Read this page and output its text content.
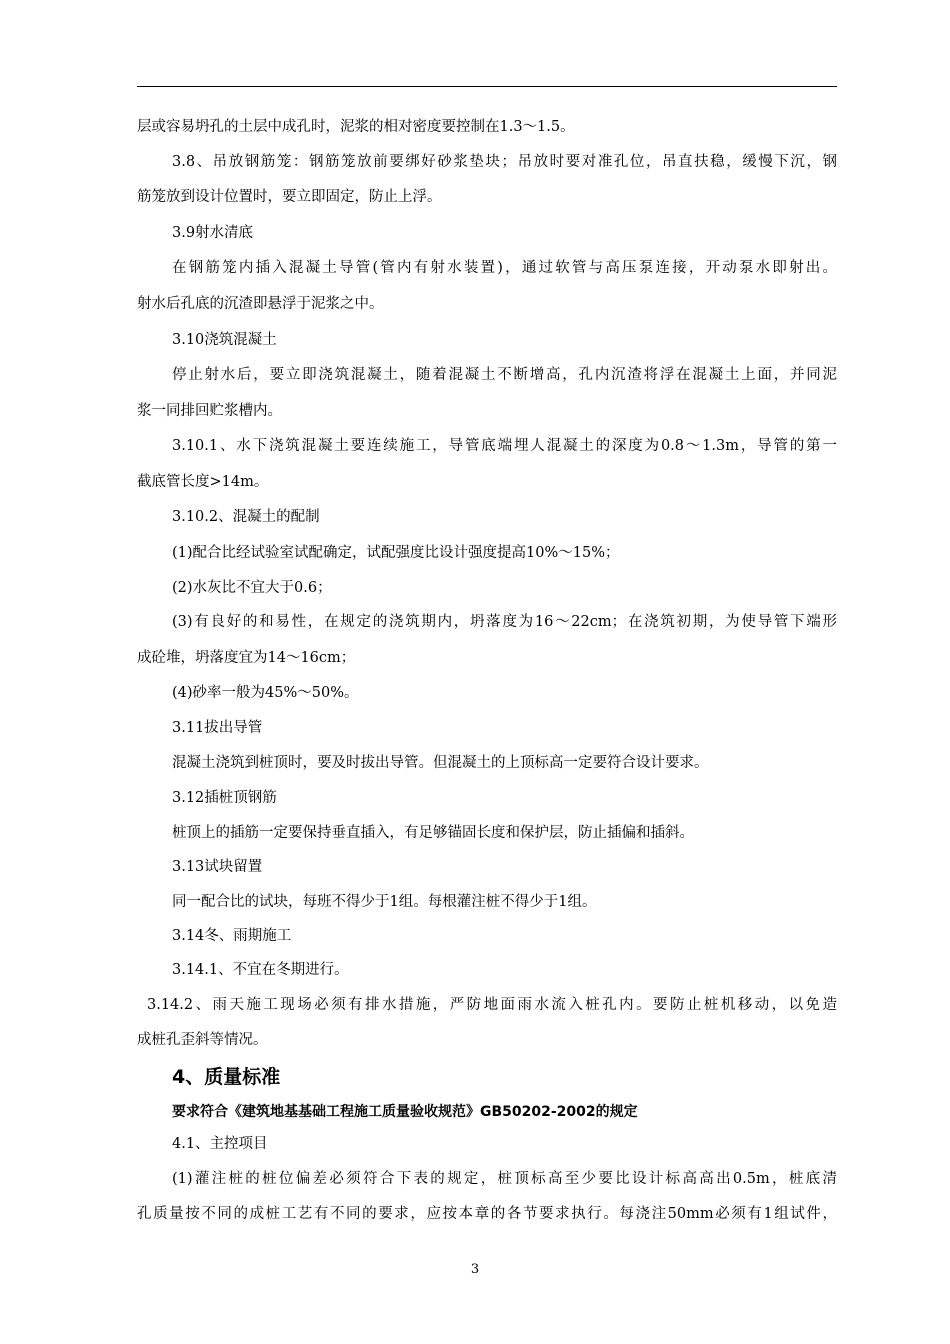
层或容易坍孔的土层中成孔时，泥浆的相对密度要控制在1.3～1.5。
3.8、吊放钢筋笼：钢筋笼放前要绑好砂浆垫块；吊放时要对准孔位，吊直扶稳，缓慢下沉，钢
筋笼放到设计位置时，要立即固定，防止上浮。
3.9射水清底
在钢筋笼内插入混凝土导管(管内有射水装置)，通过软管与高压泵连接，开动泵水即射出。
射水后孔底的沉渣即悬浮于泥浆之中。
3.10浇筑混凝土
停止射水后，要立即浇筑混凝土，随着混凝土不断增高，孔内沉渣将浮在混凝土上面，并同泥
浆一同排回贮浆槽内。
3.10.1、水下浇筑混凝土要连续施工，导管底端埋人混凝土的深度为0.8～1.3m，导管的第一
截底管长度>14m。
3.10.2、混凝土的配制
(1)配合比经试验室试配确定，试配强度比设计强度提高10%～15%；
(2)水灰比不宜大于0.6；
(3)有良好的和易性，在规定的浇筑期内，坍落度为16～22cm；在浇筑初期，为使导管下端形
成砼堆，坍落度宜为14～16cm；
(4)砂率一般为45%～50%。
3.11拔出导管
混凝土浇筑到桩顶时，要及时拔出导管。但混凝土的上顶标高一定要符合设计要求。
3.12插桩顶钢筋
桩顶上的插筋一定要保持垂直插入，有足够锚固长度和保护层，防止插偏和插斜。
3.13试块留置
同一配合比的试块，每班不得少于1组。每根灌注桩不得少于1组。
3.14冬、雨期施工
3.14.1、不宜在冬期进行。
3.14.2、雨天施工现场必须有排水措施，严防地面雨水流入桩孔内。要防止桩机移动，以免造
成桩孔歪斜等情况。
4、质量标准
要求符合《建筑地基基础工程施工质量验收规范》GB50202-2002的规定
4.1、主控项目
(1)灌注桩的桩位偏差必须符合下表的规定，桩顶标高至少要比设计标高高出0.5m，桩底清
孔质量按不同的成桩工艺有不同的要求，应按本章的各节要求执行。每浇注50mm必须有1组试件，
3
